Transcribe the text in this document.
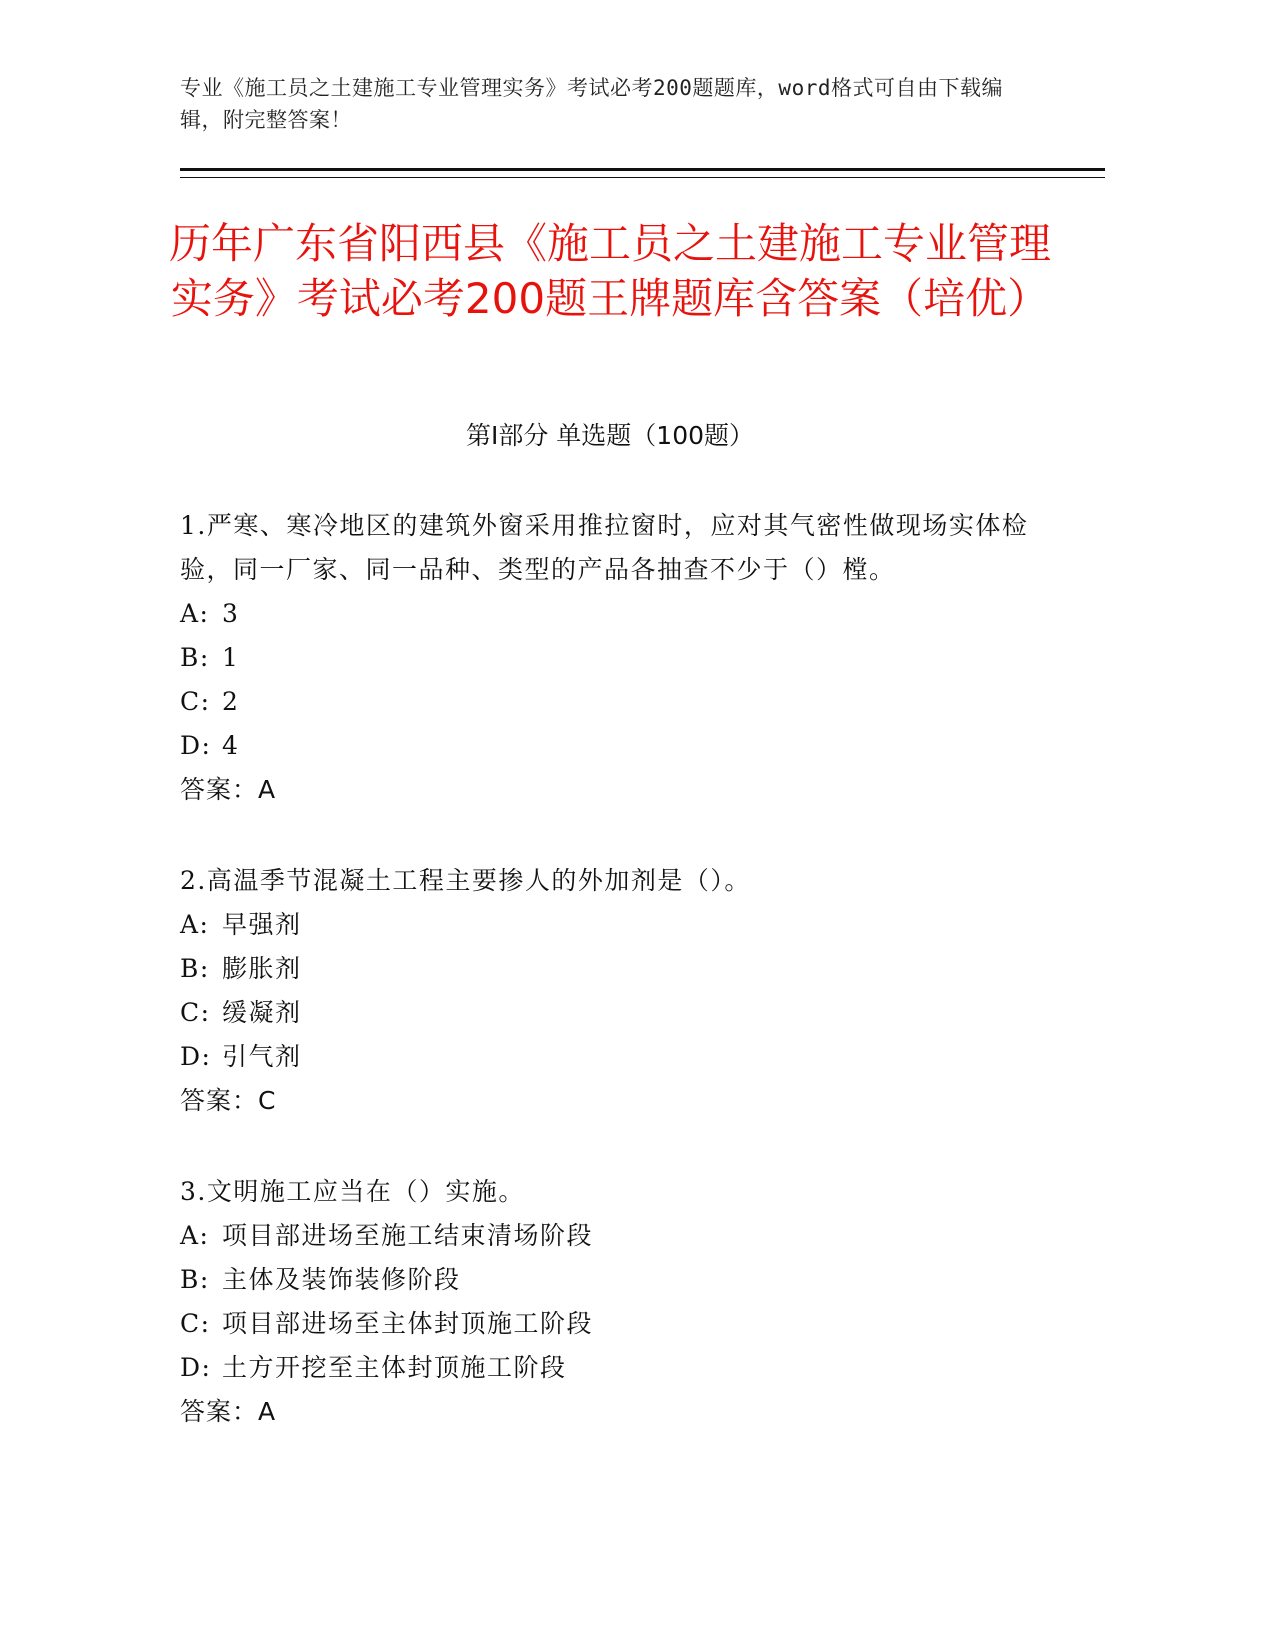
专业《施工员之土建施工专业管理实务》考试必考200题题库，word格式可自由下载编辑，附完整答案！
历年广东省阳西县《施工员之土建施工专业管理实务》考试必考200题王牌题库含答案（培优）
第Ⅰ部分 单选题（100题）

1.严寒、寒冷地区的建筑外窗采用推拉窗时，应对其气密性做现场实体检验，同一厂家、同一品种、类型的产品各抽查不少于（）樘。

A: 3

B: 1

C: 2

D: 4

答案：A

2.高温季节混凝土工程主要掺人的外加剂是（）。

A: 早强剂

B: 膨胀剂

C: 缓凝剂

D: 引气剂

答案：C

3.文明施工应当在（）实施。

A: 项目部进场至施工结束清场阶段

B: 主体及装饰装修阶段

C: 项目部进场至主体封顶施工阶段

D: 土方开挖至主体封顶施工阶段

答案：A
